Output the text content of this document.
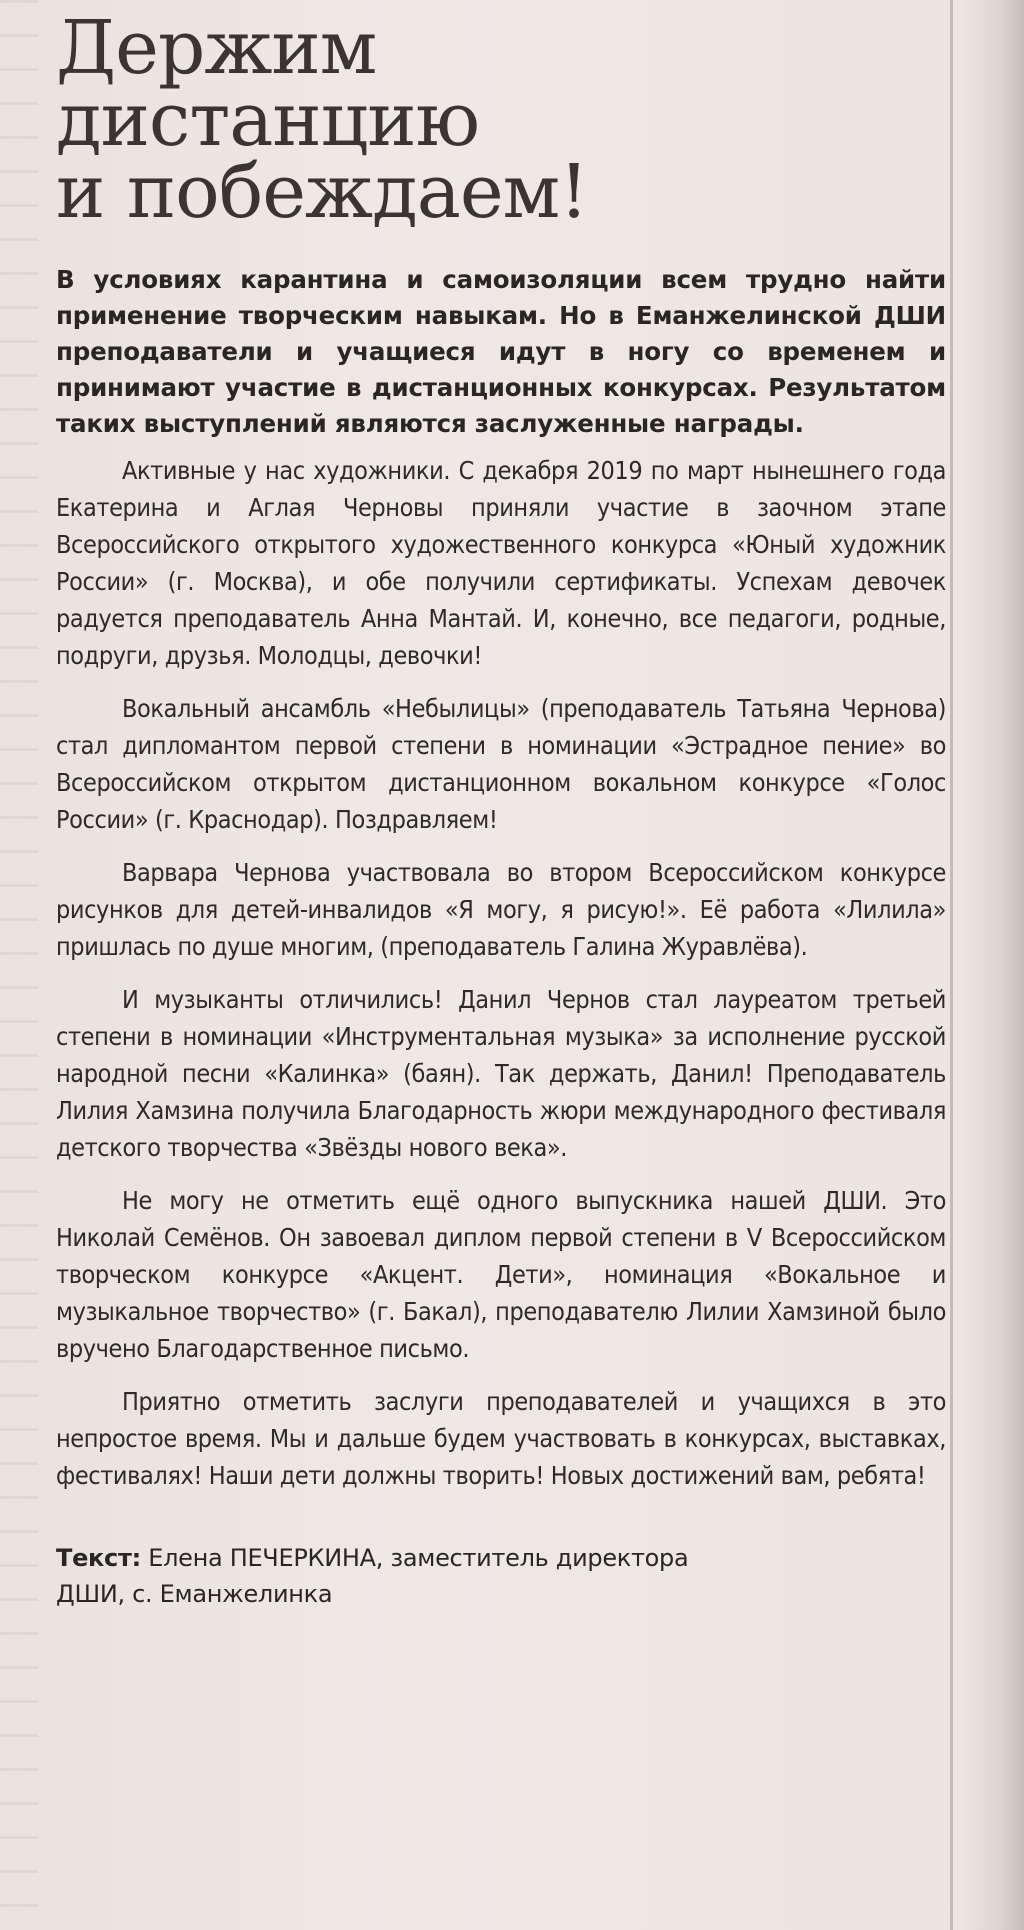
Держим
дистанцию
и побеждаем!

В условиях карантина и самоизоляции всем трудно найти применение творческим навыкам. Но в Еманжелинской ДШИ преподаватели и учащиеся идут в ногу со временем и принимают участие в дистанционных конкурсах. Результатом таких выступлений являются заслуженные награды.

Активные у нас художники. С декабря 2019 по март нынешнего года Екатерина и Аглая Черновы приняли участие в заочном этапе Всероссийского открытого художественного конкурса «Юный художник России» (г. Москва), и обе получили сертификаты. Успехам девочек радуется преподаватель Анна Мантай. И, конечно, все педагоги, родные, подруги, друзья. Молодцы, девочки!

Вокальный ансамбль «Небылицы» (преподаватель Татьяна Чернова) стал дипломантом первой степени в номинации «Эстрадное пение» во Всероссийском открытом дистанционном вокальном конкурсе «Голос России» (г. Краснодар). Поздравляем!

Варвара Чернова участвовала во втором Всероссийском конкурсе рисунков для детей-инвалидов «Я могу, я рисую!». Её работа «Лилила» пришлась по душе многим, (преподаватель Галина Журавлёва).

И музыканты отличились! Данил Чернов стал лауреатом третьей степени в номинации «Инструментальная музыка» за исполнение русской народной песни «Калинка» (баян). Так держать, Данил! Преподаватель Лилия Хамзина получила Благодарность жюри международного фестиваля детского творчества «Звёзды нового века».

Не могу не отметить ещё одного выпускника нашей ДШИ. Это Николай Семёнов. Он завоевал диплом первой степени в V Всероссийском творческом конкурсе «Акцент. Дети», номинация «Вокальное и музыкальное творчество» (г. Бакал), преподавателю Лилии Хамзиной было вручено Благодарственное письмо.

Приятно отметить заслуги преподавателей и учащихся в это непростое время. Мы и дальше будем участвовать в конкурсах, выставках, фестивалях! Наши дети должны творить! Новых достижений вам, ребята!

Текст: Елена ПЕЧЕРКИНА, заместитель директора
ДШИ, с. Еманжелинка
